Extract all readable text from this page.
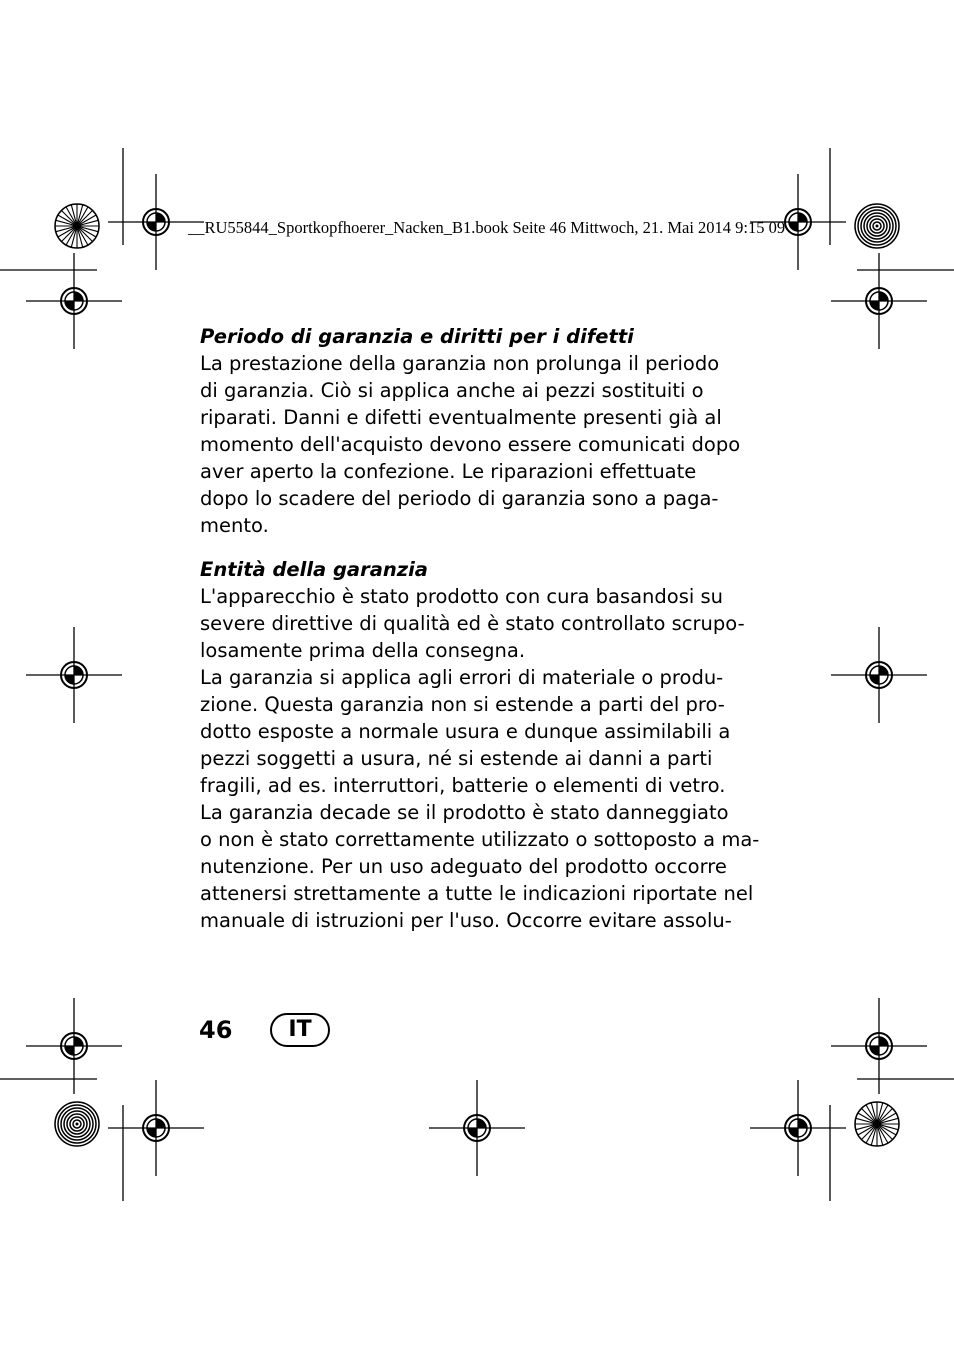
__RU55844_Sportkopfhoerer_Nacken_B1.book Seite 46 Mittwoch, 21. Mai 2014 9:15 09
Periodo di garanzia e diritti per i difetti

La prestazione della garanzia non prolunga il periodo
di garanzia. Ciò si applica anche ai pezzi sostituiti o
riparati. Danni e difetti eventualmente presenti già al
momento dell'acquisto devono essere comunicati dopo
aver aperto la confezione. Le riparazioni effettuate
dopo lo scadere del periodo di garanzia sono a paga-
mento.

Entità della garanzia

L'apparecchio è stato prodotto con cura basandosi su
severe direttive di qualità ed è stato controllato scrupo-
losamente prima della consegna.
La garanzia si applica agli errori di materiale o produ-
zione. Questa garanzia non si estende a parti del pro-
dotto esposte a normale usura e dunque assimilabili a
pezzi soggetti a usura, né si estende ai danni a parti
fragili, ad es. interruttori, batterie o elementi di vetro.
La garanzia decade se il prodotto è stato danneggiato
o non è stato correttamente utilizzato o sottoposto a ma-
nutenzione. Per un uso adeguato del prodotto occorre
attenersi strettamente a tutte le indicazioni riportate nel
manuale di istruzioni per l'uso. Occorre evitare assolu-

46	IT
